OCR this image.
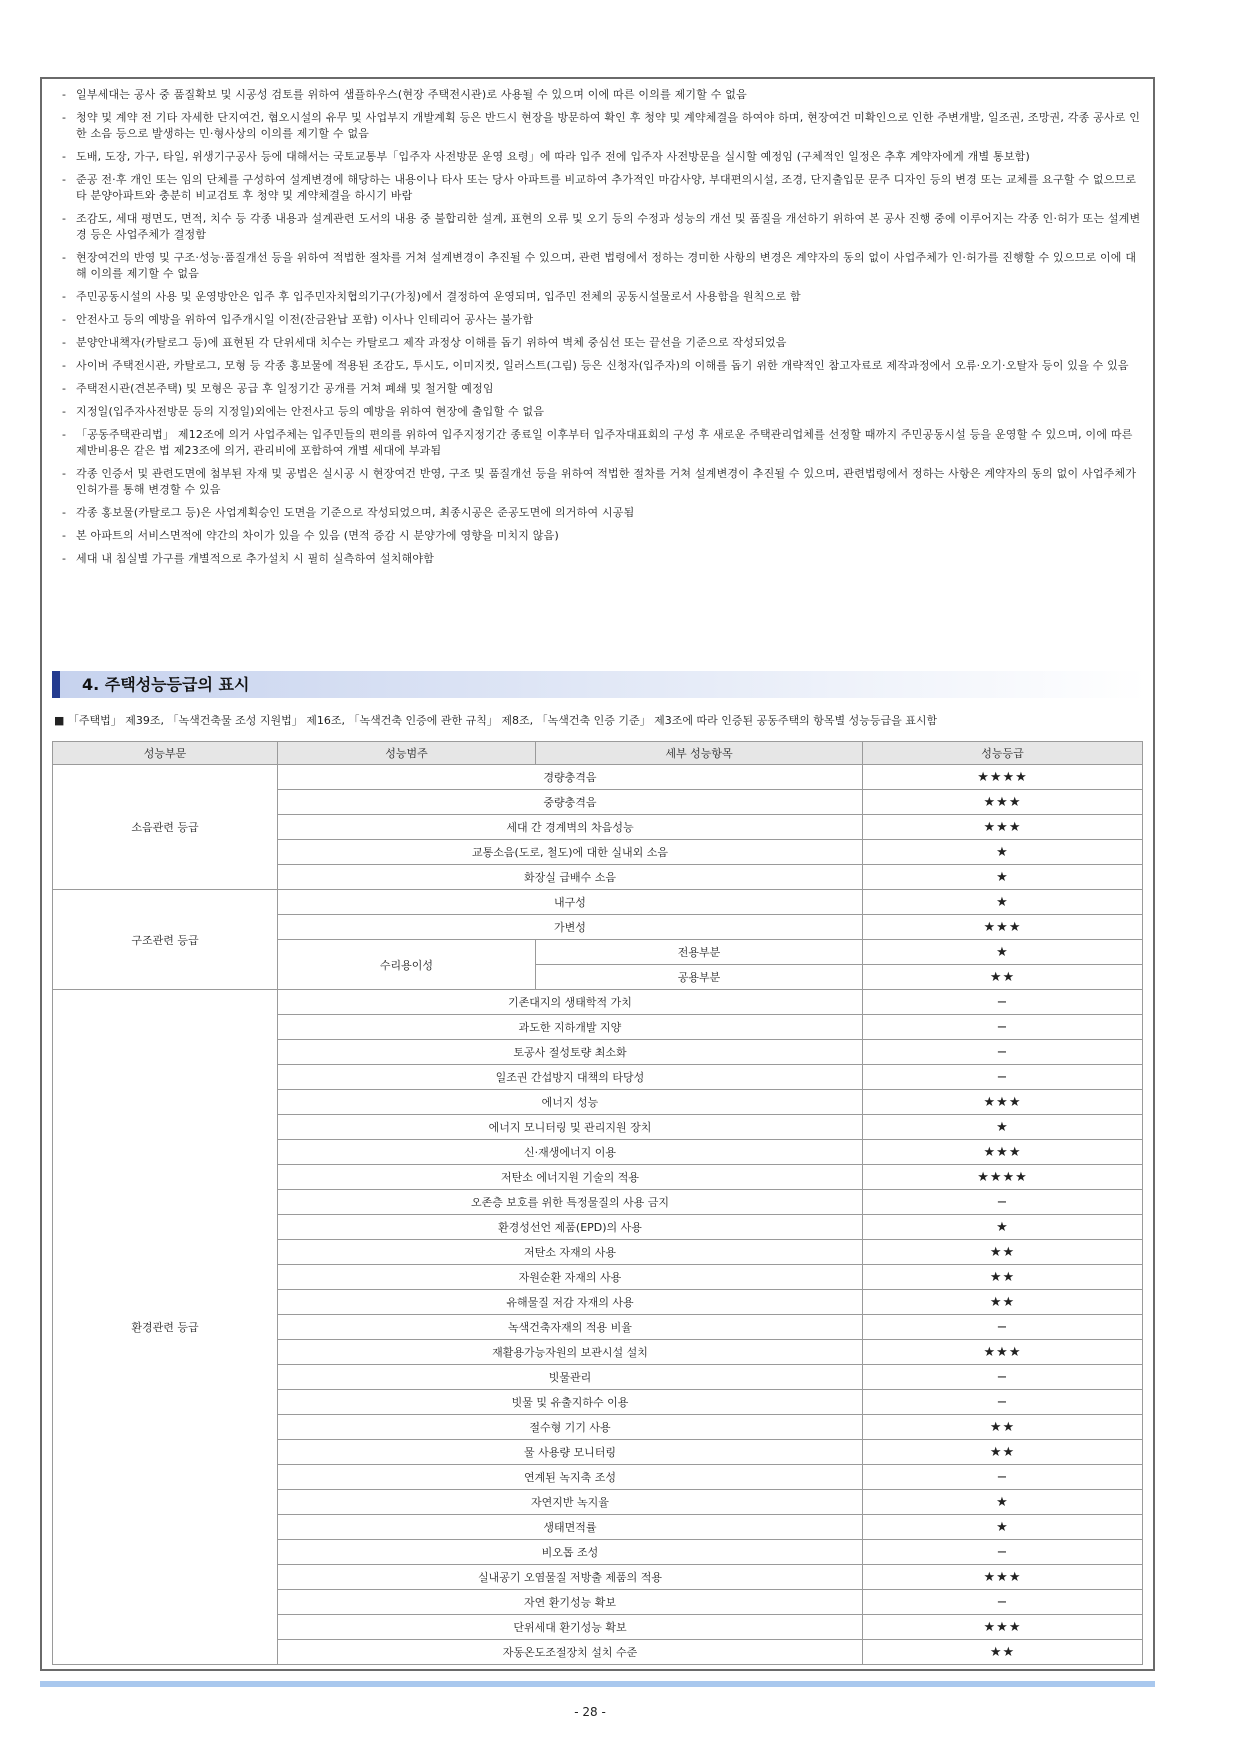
- 일부세대는 공사 중 품질확보 및 시공성 검토를 위하여 샘플하우스(현장 주택전시관)로 사용될 수 있으며 이에 따른 이의를 제기할 수 없음
- 청약 및 계약 전 기타 자세한 단지여건, 혐오시설의 유무 및 사업부지 개발계획 등은 반드시 현장을 방문하여 확인 후 청약 및 계약체결을 하여야 하며, 현장여건 미확인으로 인한 주변개발, 일조권, 조망권, 각종 공사로 인한 소음 등으로 발생하는 민·형사상의 이의를 제기할 수 없음
- 도배, 도장, 가구, 타일, 위생기구공사 등에 대해서는 국토교통부「입주자 사전방문 운영 요령」에 따라 입주 전에 입주자 사전방문을 실시할 예정임 (구체적인 일정은 추후 계약자에게 개별 통보함)
- 준공 전·후 개인 또는 임의 단체를 구성하여 설계변경에 해당하는 내용이나 타사 또는 당사 아파트를 비교하여 추가적인 마감사양, 부대편의시설, 조경, 단지출입문 문주 디자인 등의 변경 또는 교체를 요구할 수 없으므로 타 분양아파트와 충분히 비교검토 후 청약 및 계약체결을 하시기 바람
- 조감도, 세대 평면도, 면적, 치수 등 각종 내용과 설계관련 도서의 내용 중 불합리한 설계, 표현의 오류 및 오기 등의 수정과 성능의 개선 및 품질을 개선하기 위하여 본 공사 진행 중에 이루어지는 각종 인·허가 또는 설계변경 등은 사업주체가 결정함
- 현장여건의 반영 및 구조·성능·품질개선 등을 위하여 적법한 절차를 거쳐 설계변경이 추진될 수 있으며, 관련 법령에서 정하는 경미한 사항의 변경은 계약자의 동의 없이 사업주체가 인·허가를 진행할 수 있으므로 이에 대해 이의를 제기할 수 없음
- 주민공동시설의 사용 및 운영방안은 입주 후 입주민자치협의기구(가칭)에서 결정하여 운영되며, 입주민 전체의 공동시설물로서 사용함을 원칙으로 함
- 안전사고 등의 예방을 위하여 입주개시일 이전(잔금완납 포함) 이사나 인테리어 공사는 불가함
- 분양안내책자(카탈로그 등)에 표현된 각 단위세대 치수는 카탈로그 제작 과정상 이해를 돕기 위하여 벽체 중심선 또는 끝선을 기준으로 작성되었음
- 사이버 주택전시관, 카탈로그, 모형 등 각종 홍보물에 적용된 조감도, 투시도, 이미지컷, 일러스트(그림) 등은 신청자(입주자)의 이해를 돕기 위한 개략적인 참고자료로 제작과정에서 오류·오기·오탈자 등이 있을 수 있음
- 주택전시관(견본주택) 및 모형은 공급 후 일정기간 공개를 거쳐 폐쇄 및 철거할 예정임
- 지정일(입주자사전방문 등의 지정일)외에는 안전사고 등의 예방을 위하여 현장에 출입할 수 없음
- 「공동주택관리법」 제12조에 의거 사업주체는 입주민들의 편의를 위하여 입주지정기간 종료일 이후부터 입주자대표회의 구성 후 새로운 주택관리업체를 선정할 때까지 주민공동시설 등을 운영할 수 있으며, 이에 따른 제반비용은 같은 법 제23조에 의거, 관리비에 포함하여 개별 세대에 부과됨
- 각종 인증서 및 관련도면에 첨부된 자재 및 공법은 실시공 시 현장여건 반영, 구조 및 품질개선 등을 위하여 적법한 절차를 거쳐 설계변경이 추진될 수 있으며, 관련법령에서 정하는 사항은 계약자의 동의 없이 사업주체가 인허가를 통해 변경할 수 있음
- 각종 홍보물(카탈로그 등)은 사업계획승인 도면을 기준으로 작성되었으며, 최종시공은 준공도면에 의거하여 시공됨
- 본 아파트의 서비스면적에 약간의 차이가 있을 수 있음 (면적 증감 시 분양가에 영향을 미치지 않음)
- 세대 내 침실별 가구를 개별적으로 추가설치 시 필히 실측하여 설치해야함
4. 주택성능등급의 표시
■ 「주택법」 제39조, 「녹색건축물 조성 지원법」 제16조, 「녹색건축 인증에 관한 규칙」 제8조, 「녹색건축 인증 기준」 제3조에 따라 인증된 공동주택의 항목별 성능등급을 표시함
성능부문	성능범주	세부 성능항목	성능등급
소음관련 등급	경량충격음		★★★★
	중량충격음		★★★
	세대 간 경계벽의 차음성능		★★★
	교통소음(도로, 철도)에 대한 실내외 소음		★
	화장실 급배수 소음		★
구조관련 등급	내구성		★
	가변성		★★★
	수리용이성	전용부분	★
		공용부분	★★
환경관련 등급	기존대지의 생태학적 가치		−
	과도한 지하개발 지양		−
	토공사 절성토량 최소화		−
	일조권 간섭방지 대책의 타당성		−
	에너지 성능		★★★
	에너지 모니터링 및 관리지원 장치		★
	신·재생에너지 이용		★★★
	저탄소 에너지원 기술의 적용		★★★★
	오존층 보호를 위한 특정물질의 사용 금지		−
	환경성선언 제품(EPD)의 사용		★
	저탄소 자재의 사용		★★
	자원순환 자재의 사용		★★
	유해물질 저감 자재의 사용		★★
	녹색건축자재의 적용 비율		−
	재활용가능자원의 보관시설 설치		★★★
	빗물관리		−
	빗물 및 유출지하수 이용		−
	절수형 기기 사용		★★
	물 사용량 모니터링		★★
	연계된 녹지축 조성		−
	자연지반 녹지율		★
	생태면적률		★
	비오톱 조성		−
	실내공기 오염물질 저방출 제품의 적용		★★★
	자연 환기성능 확보		−
	단위세대 환기성능 확보		★★★
	자동온도조절장치 설치 수준		★★
- 28 -
